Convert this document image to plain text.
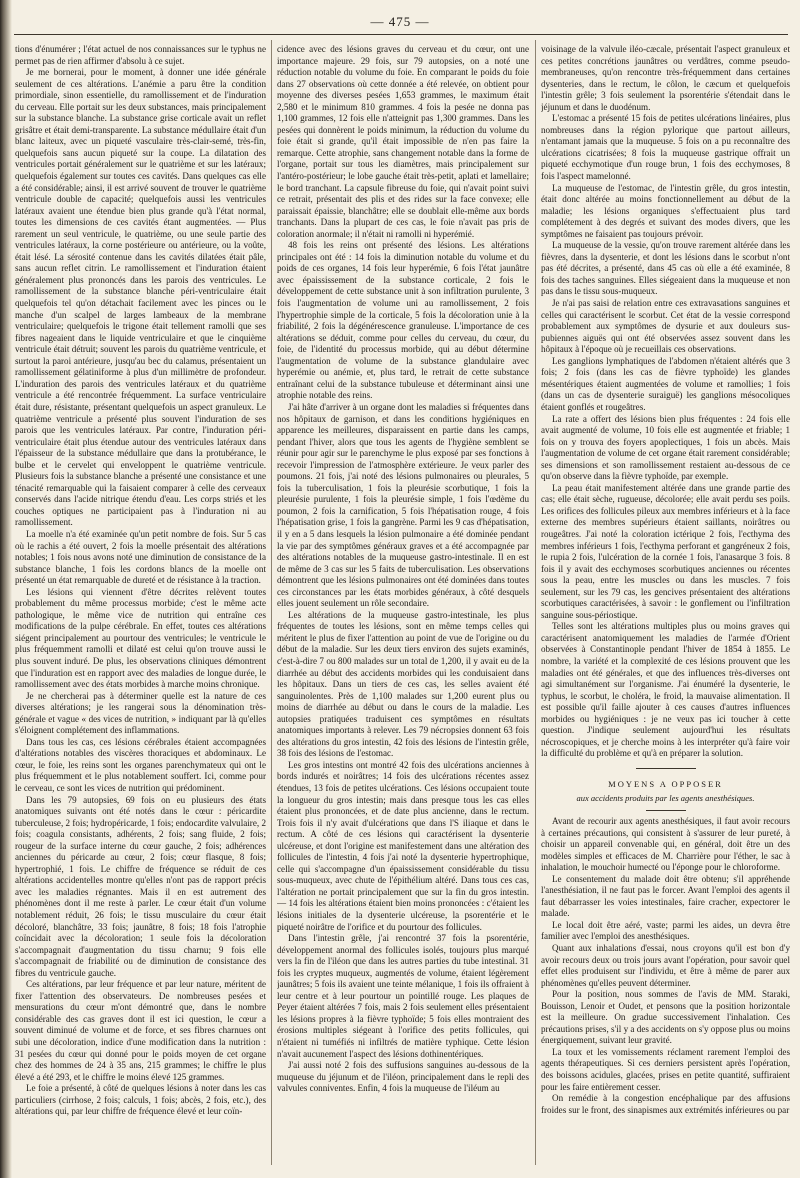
— 475 —

tions d'énumérer ; l'état actuel de nos connaissances sur le typhus ne permet pas de rien affirmer d'absolu à ce sujet.

Je me bornerai, pour le moment, à donner une idée générale seulement de ces altérations. L'anémie a paru être la condition primordiale, sinon essentielle, du ramollissement et de l'induration du cerveau. Elle portait sur les deux substances, mais principalement sur la substance blanche. La substance grise corticale avait un reflet grisâtre et était demi-transparente. La substance médullaire était d'un blanc laiteux, avec un piqueté vasculaire très-clair-semé, très-fin, quelquefois sans aucun piqueté sur la coupe. La dilatation des ventricules portait généralement sur le quatrième et sur les latéraux; quelquefois également sur toutes ces cavités. Dans quelques cas elle a été considérable; ainsi, il est arrivé souvent de trouver le quatrième ventricule double de capacité; quelquefois aussi les ventricules latéraux avaient une étendue bien plus grande qu'à l'état normal, toutes les dimensions de ces cavités étant augmentées. — Plus rarement un seul ventricule, le quatrième, ou une seule partie des ventricules latéraux, la corne postérieure ou antérieure, ou la voûte, était lésé. La sérosité contenue dans les cavités dilatées était pâle, sans aucun reflet citrin. Le ramollissement et l'induration étaient généralement plus prononcés dans les parois des ventricules. Le ramollissement de la substance blanche péri-ventriculaire était quelquefois tel qu'on détachait facilement avec les pinces ou le manche d'un scalpel de larges lambeaux de la membrane ventriculaire; quelquefois le trigone était tellement ramolli que ses fibres nageaient dans le liquide ventriculaire et que le cinquième ventricule était détruit; souvent les parois du quatrième ventricule, et surtout la paroi antérieure, jusqu'au bec du calamus, présentaient un ramollissement gélatiniforme à plus d'un millimètre de profondeur. L'induration des parois des ventricules latéraux et du quatrième ventricule a été rencontrée fréquemment. La surface ventriculaire était dure, résistante, présentant quelquefois un aspect granuleux. Le quatrième ventricule a présenté plus souvent l'induration de ses parois que les ventricules latéraux. Par contre, l'induration péri-ventriculaire était plus étendue autour des ventricules latéraux dans l'épaisseur de la substance médullaire que dans la protubérance, le bulbe et le cervelet qui enveloppent le quatrième ventricule. Plusieurs fois la substance blanche a présenté une consistance et une ténacité remarquable qui la faisaient comparer à celle des cerveaux conservés dans l'acide nitrique étendu d'eau. Les corps striés et les couches optiques ne participaient pas à l'induration ni au ramollissement.

La moelle n'a été examinée qu'un petit nombre de fois. Sur 5 cas où le rachis a été ouvert, 2 fois la moelle présentait des altérations notables; 1 fois nous avons noté une diminution de consistance de la substance blanche, 1 fois les cordons blancs de la moelle ont présenté un état remarquable de dureté et de résistance à la traction.

Les lésions qui viennent d'être décrites relèvent toutes probablement du même processus morbide; c'est le même acte pathologique, le même vice de nutrition qui entraîne ces modifications de la pulpe cérébrale. En effet, toutes ces altérations siégent principalement au pourtour des ventricules; le ventricule le plus fréquemment ramolli et dilaté est celui qu'on trouve aussi le plus souvent induré. De plus, les observations cliniques démontrent que l'induration est en rapport avec des maladies de longue durée, le ramollissement avec des états morbides à marche moins chronique.

Je ne chercherai pas à déterminer quelle est la nature de ces diverses altérations; je les rangerai sous la dénomination très-générale et vague « des vices de nutrition, » indiquant par là qu'elles s'éloignent complétement des inflammations.

Dans tous les cas, ces lésions cérébrales étaient accompagnées d'altérations notables des viscères thoraciques et abdominaux. Le cœur, le foie, les reins sont les organes parenchymateux qui ont le plus fréquemment et le plus notablement souffert. Ici, comme pour le cerveau, ce sont les vices de nutrition qui prédominent.

Dans les 79 autopsies, 69 fois on eu plusieurs des états anatomiques suivants ont été notés dans le cœur : péricardite tuberculeuse, 2 fois; hydropéricarde, 1 fois; endocardite valvulaire, 2 fois; coagula consistants, adhérents, 2 fois; sang fluide, 2 fois; rougeur de la surface interne du cœur gauche, 2 fois; adhérences anciennes du péricarde au cœur, 2 fois; cœur flasque, 8 fois; hypertrophié, 1 fois. Le chiffre de fréquence se réduit de ces altérations accidentelles montre qu'elles n'ont pas de rapport précis avec les maladies régnantes. Mais il en est autrement des phénomènes dont il me reste à parler. Le cœur était d'un volume notablement réduit, 26 fois; le tissu musculaire du cœur était décoloré, blanchâtre, 33 fois; jaunâtre, 8 fois; 18 fois l'atrophie coïncidait avec la décoloration; 1 seule fois la décoloration s'accompagnait d'augmentation du tissu charnu; 9 fois elle s'accompagnait de friabilité ou de diminution de consistance des fibres du ventricule gauche.

Ces altérations, par leur fréquence et par leur nature, méritent de fixer l'attention des observateurs. De nombreuses pesées et mensurations du cœur m'ont démontré que, dans le nombre considérable des cas graves dont il est ici question, le cœur a souvent diminué de volume et de force, et ses fibres charnues ont subi une décoloration, indice d'une modification dans la nutrition : 31 pesées du cœur qui donné pour le poids moyen de cet organe chez des hommes de 24 à 35 ans, 215 grammes; le chiffre le plus élevé a été 293, et le chiffre le moins élevé 125 grammes.

Le foie a présenté, à côté de quelques lésions à noter dans les cas particuliers (cirrhose, 2 fois; calculs, 1 fois; abcès, 2 fois, etc.), des altérations qui, par leur chiffre de fréquence élevé et leur coïn-

cidence avec des lésions graves du cerveau et du cœur, ont une importance majeure. 29 fois, sur 79 autopsies, on a noté une réduction notable du volume du foie. En comparant le poids du foie dans 27 observations où cette donnée a été relevée, on obtient pour moyenne des diverses pesées 1,653 grammes, le maximum était 2,580 et le minimum 810 grammes. 4 fois la pesée ne donna pas 1,100 grammes, 12 fois elle n'atteignit pas 1,300 grammes. Dans les pesées qui donnèrent le poids minimum, la réduction du volume du foie était si grande, qu'il était impossible de n'en pas faire la remarque. Cette atrophie, sans changement notable dans la forme de l'organe, portait sur tous les diamètres, mais principalement sur l'antéro-postérieur; le lobe gauche était très-petit, aplati et lamellaire; le bord tranchant. La capsule fibreuse du foie, qui n'avait point suivi ce retrait, présentait des plis et des rides sur la face convexe; elle paraissait épaissie, blanchâtre; elle se doublait elle-même aux bords tranchants. Dans la plupart de ces cas, le foie n'avait pas pris de coloration anormale; il n'était ni ramolli ni hyperémié.

48 fois les reins ont présenté des lésions. Les altérations principales ont été : 14 fois la diminution notable du volume et du poids de ces organes, 14 fois leur hyperémie, 6 fois l'état jaunâtre avec épaississement de la substance corticale, 2 fois le développement de cette substance unit à son infiltration purulente, 3 fois l'augmentation de volume uni au ramollissement, 2 fois l'hypertrophie simple de la corticale, 5 fois la décoloration unie à la friabilité, 2 fois la dégénérescence granuleuse. L'importance de ces altérations se déduit, comme pour celles du cerveau, du cœur, du foie, de l'identité du processus morbide, qui au début détermine l'augmentation de volume de la substance glandulaire avec hyperémie ou anémie, et, plus tard, le retrait de cette substance entraînant celui de la substance tubuleuse et déterminant ainsi une atrophie notable des reins.

J'ai hâte d'arriver à un organe dont les maladies si fréquentes dans nos hôpitaux de garnison, et dans les conditions hygiéniques en apparence les meilleures, disparaissent en partie dans les camps, pendant l'hiver, alors que tous les agents de l'hygiène semblent se réunir pour agir sur le parenchyme le plus exposé par ses fonctions à recevoir l'impression de l'atmosphère extérieure. Je veux parler des poumons. 21 fois, j'ai noté des lésions pulmonaires ou pleurales, 5 fois la tuberculisation, 1 fois la pleurésie scorbutique, 1 fois la pleurésie purulente, 1 fois la pleurésie simple, 1 fois l'œdème du poumon, 2 fois la carnification, 5 fois l'hépatisation rouge, 4 fois l'hépatisation grise, 1 fois la gangrène. Parmi les 9 cas d'hépatisation, il y en a 5 dans lesquels la lésion pulmonaire a été dominée pendant la vie par des symptômes généraux graves et a été accompagnée par des altérations notables de la muqueuse gastro-intestinale. Il en est de même de 3 cas sur les 5 faits de tuberculisation. Les observations démontrent que les lésions pulmonaires ont été dominées dans toutes ces circonstances par les états morbides généraux, à côté desquels elles jouent seulement un rôle secondaire.

Les altérations de la muqueuse gastro-intestinale, les plus fréquentes de toutes les lésions, sont en même temps celles qui méritent le plus de fixer l'attention au point de vue de l'origine ou du début de la maladie. Sur les deux tiers environ des sujets examinés, c'est-à-dire 7 ou 800 malades sur un total de 1,200, il y avait eu de la diarrhée au début des accidents morbides qui les conduisaient dans les hôpitaux. Dans un tiers de ces cas, les selles avaient été sanguinolentes. Près de 1,100 malades sur 1,200 eurent plus ou moins de diarrhée au début ou dans le cours de la maladie. Les autopsies pratiquées traduisent ces symptômes en résultats anatomiques importants à relever. Les 79 nécropsies donnent 63 fois des altérations du gros intestin, 42 fois des lésions de l'intestin grêle, 38 fois des lésions de l'estomac.

Les gros intestins ont montré 42 fois des ulcérations anciennes à bords indurés et noirâtres; 14 fois des ulcérations récentes assez étendues, 13 fois de petites ulcérations. Ces lésions occupaient toute la longueur du gros intestin; mais dans presque tous les cas elles étaient plus prononcées, et de date plus ancienne, dans le rectum. Trois fois il n'y avait d'ulcérations que dans l'S iliaque et dans le rectum. A côté de ces lésions qui caractérisent la dysenterie ulcéreuse, et dont l'origine est manifestement dans une altération des follicules de l'intestin, 4 fois j'ai noté la dysenterie hypertrophique, celle qui s'accompagne d'un épaississement considérable du tissu sous-muqueux, avec chute de l'épithélium altéré. Dans tous ces cas, l'altération ne portait principalement que sur la fin du gros intestin. — 14 fois les altérations étaient bien moins prononcées : c'étaient les lésions initiales de la dysenterie ulcéreuse, la psorentérie et le piqueté noirâtre de l'orifice et du pourtour des follicules.

Dans l'intestin grêle, j'ai rencontré 37 fois la psorentérie, développement anormal des follicules isolés, toujours plus marqué vers la fin de l'iléon que dans les autres parties du tube intestinal. 31 fois les cryptes muqueux, augmentés de volume, étaient légèrement jaunâtres; 5 fois ils avaient une teinte mélanique, 1 fois ils offraient à leur centre et à leur pourtour un pointillé rouge. Les plaques de Peyer étaient altérées 7 fois, mais 2 fois seulement elles présentaient les lésions propres à la fièvre typhoïde; 5 fois elles montraient des érosions multiples siégeant à l'orifice des petits follicules, qui n'étaient ni tuméfiés ni infiltrés de matière typhique. Cette lésion n'avait aucunement l'aspect des lésions dothinentériques.

J'ai aussi noté 2 fois des suffusions sanguines au-dessous de la muqueuse du jéjunum et de l'iléon, principalement dans le repli des valvules conniventes. Enfin, 4 fois la muqueuse de l'iléum au

voisinage de la valvule iléo-cæcale, présentait l'aspect granuleux et ces petites concrétions jaunâtres ou verdâtres, comme pseudo-membraneuses, qu'on rencontre très-fréquemment dans certaines dysenteries, dans le rectum, le côlon, le cæcum et quelquefois l'intestin grêle; 3 fois seulement la psorentérie s'étendait dans le jéjunum et dans le duodénum.

L'estomac a présenté 15 fois de petites ulcérations linéaires, plus nombreuses dans la région pylorique que partout ailleurs, n'entamant jamais que la muqueuse. 5 fois on a pu reconnaître des ulcérations cicatrisées; 8 fois la muqueuse gastrique offrait un piqueté ecchymotique d'un rouge brun, 1 fois des ecchymoses, 8 fois l'aspect mamelonné.

La muqueuse de l'estomac, de l'intestin grêle, du gros intestin, était donc altérée au moins fonctionnellement au début de la maladie; les lésions organiques s'effectuaient plus tard complétement à des degrés et suivant des modes divers, que les symptômes ne faisaient pas toujours prévoir.

La muqueuse de la vessie, qu'on trouve rarement altérée dans les fièvres, dans la dysenterie, et dont les lésions dans le scorbut n'ont pas été décrites, a présenté, dans 45 cas où elle a été examinée, 8 fois des taches sanguines. Elles siégeaient dans la muqueuse et non pas dans le tissu sous-muqueux.

Je n'ai pas saisi de relation entre ces extravasations sanguines et celles qui caractérisent le scorbut. Cet état de la vessie correspond probablement aux symptômes de dysurie et aux douleurs sus-pubiennes aiguës qui ont été observées assez souvent dans les hôpitaux à l'époque où je recueillais ces observations.

Les ganglions lymphatiques de l'abdomen n'étaient altérés que 3 fois; 2 fois (dans les cas de fièvre typhoïde) les glandes mésentériques étaient augmentées de volume et ramollies; 1 fois (dans un cas de dysenterie suraiguë) les ganglions mésocoliques étaient gonflés et rougeâtres.

La rate a offert des lésions bien plus fréquentes : 24 fois elle avait augmenté de volume, 10 fois elle est augmentée et friable; 1 fois on y trouva des foyers apoplectiques, 1 fois un abcès. Mais l'augmentation de volume de cet organe était rarement considérable; ses dimensions et son ramollissement restaient au-dessous de ce qu'on observe dans la fièvre typhoïde, par exemple.

La peau était manifestement altérée dans une grande partie des cas; elle était sèche, rugueuse, décolorée; elle avait perdu ses poils. Les orifices des follicules pileux aux membres inférieurs et à la face externe des membres supérieurs étaient saillants, noirâtres ou rougeâtres. J'ai noté la coloration ictérique 2 fois, l'ecthyma des membres inférieurs 1 fois, l'ecthyma perforant et gangréneux 2 fois, le rupia 2 fois, l'ulcération de la cornée 1 fois, l'anasarque 3 fois. 8 fois il y avait des ecchymoses scorbutiques anciennes ou récentes sous la peau, entre les muscles ou dans les muscles. 7 fois seulement, sur les 79 cas, les gencives présentaient des altérations scorbutiques caractérisées, à savoir : le gonflement ou l'infiltration sanguine sous-périostique.

Telles sont les altérations multiples plus ou moins graves qui caractérisent anatomiquement les maladies de l'armée d'Orient observées à Constantinople pendant l'hiver de 1854 à 1855. Le nombre, la variété et la complexité de ces lésions prouvent que les maladies ont été générales, et que des influences très-diverses ont agi simultanément sur l'organisme. J'ai énuméré la dysenterie, le typhus, le scorbut, le choléra, le froid, la mauvaise alimentation. Il est possible qu'il faille ajouter à ces causes d'autres influences morbides ou hygiéniques : je ne veux pas ici toucher à cette question. J'indique seulement aujourd'hui les résultats nécroscopiques, et je cherche moins à les interpréter qu'à faire voir la difficulté du problème et qu'à en préparer la solution.

MOYENS A OPPOSER
aux accidents produits par les agents anesthésiques.

Avant de recourir aux agents anesthésiques, il faut avoir recours à certaines précautions, qui consistent à s'assurer de leur pureté, à choisir un appareil convenable qui, en général, doit être un des modèles simples et efficaces de M. Charrière pour l'éther, le sac à inhalation, le mouchoir humecté ou l'éponge pour le chloroforme.

Le consentement du malade doit être obtenu; s'il appréhende l'anesthésiation, il ne faut pas le forcer. Avant l'emploi des agents il faut débarrasser les voies intestinales, faire cracher, expectorer le malade.

Le local doit être aéré, vaste; parmi les aides, un devra être familier avec l'emploi des anesthésiques.

Quant aux inhalations d'essai, nous croyons qu'il est bon d'y avoir recours deux ou trois jours avant l'opération, pour savoir quel effet elles produisent sur l'individu, et être à même de parer aux phénomènes qu'elles peuvent déterminer.

Pour la position, nous sommes de l'avis de MM. Staraki, Bouisson, Lenoir et Oudet, et pensons que la position horizontale est la meilleure. On gradue successivement l'inhalation. Ces précautions prises, s'il y a des accidents on s'y oppose plus ou moins énergiquement, suivant leur gravité.

La toux et les vomissements réclament rarement l'emploi des agents thérapeutiques. Si ces derniers persistent après l'opération, des boissons acidules, glacées, prises en petite quantité, suffiraient pour les faire entièrement cesser.

On remédie à la congestion encéphalique par des affusions froides sur le front, des sinapismes aux extrémités inférieures ou par
